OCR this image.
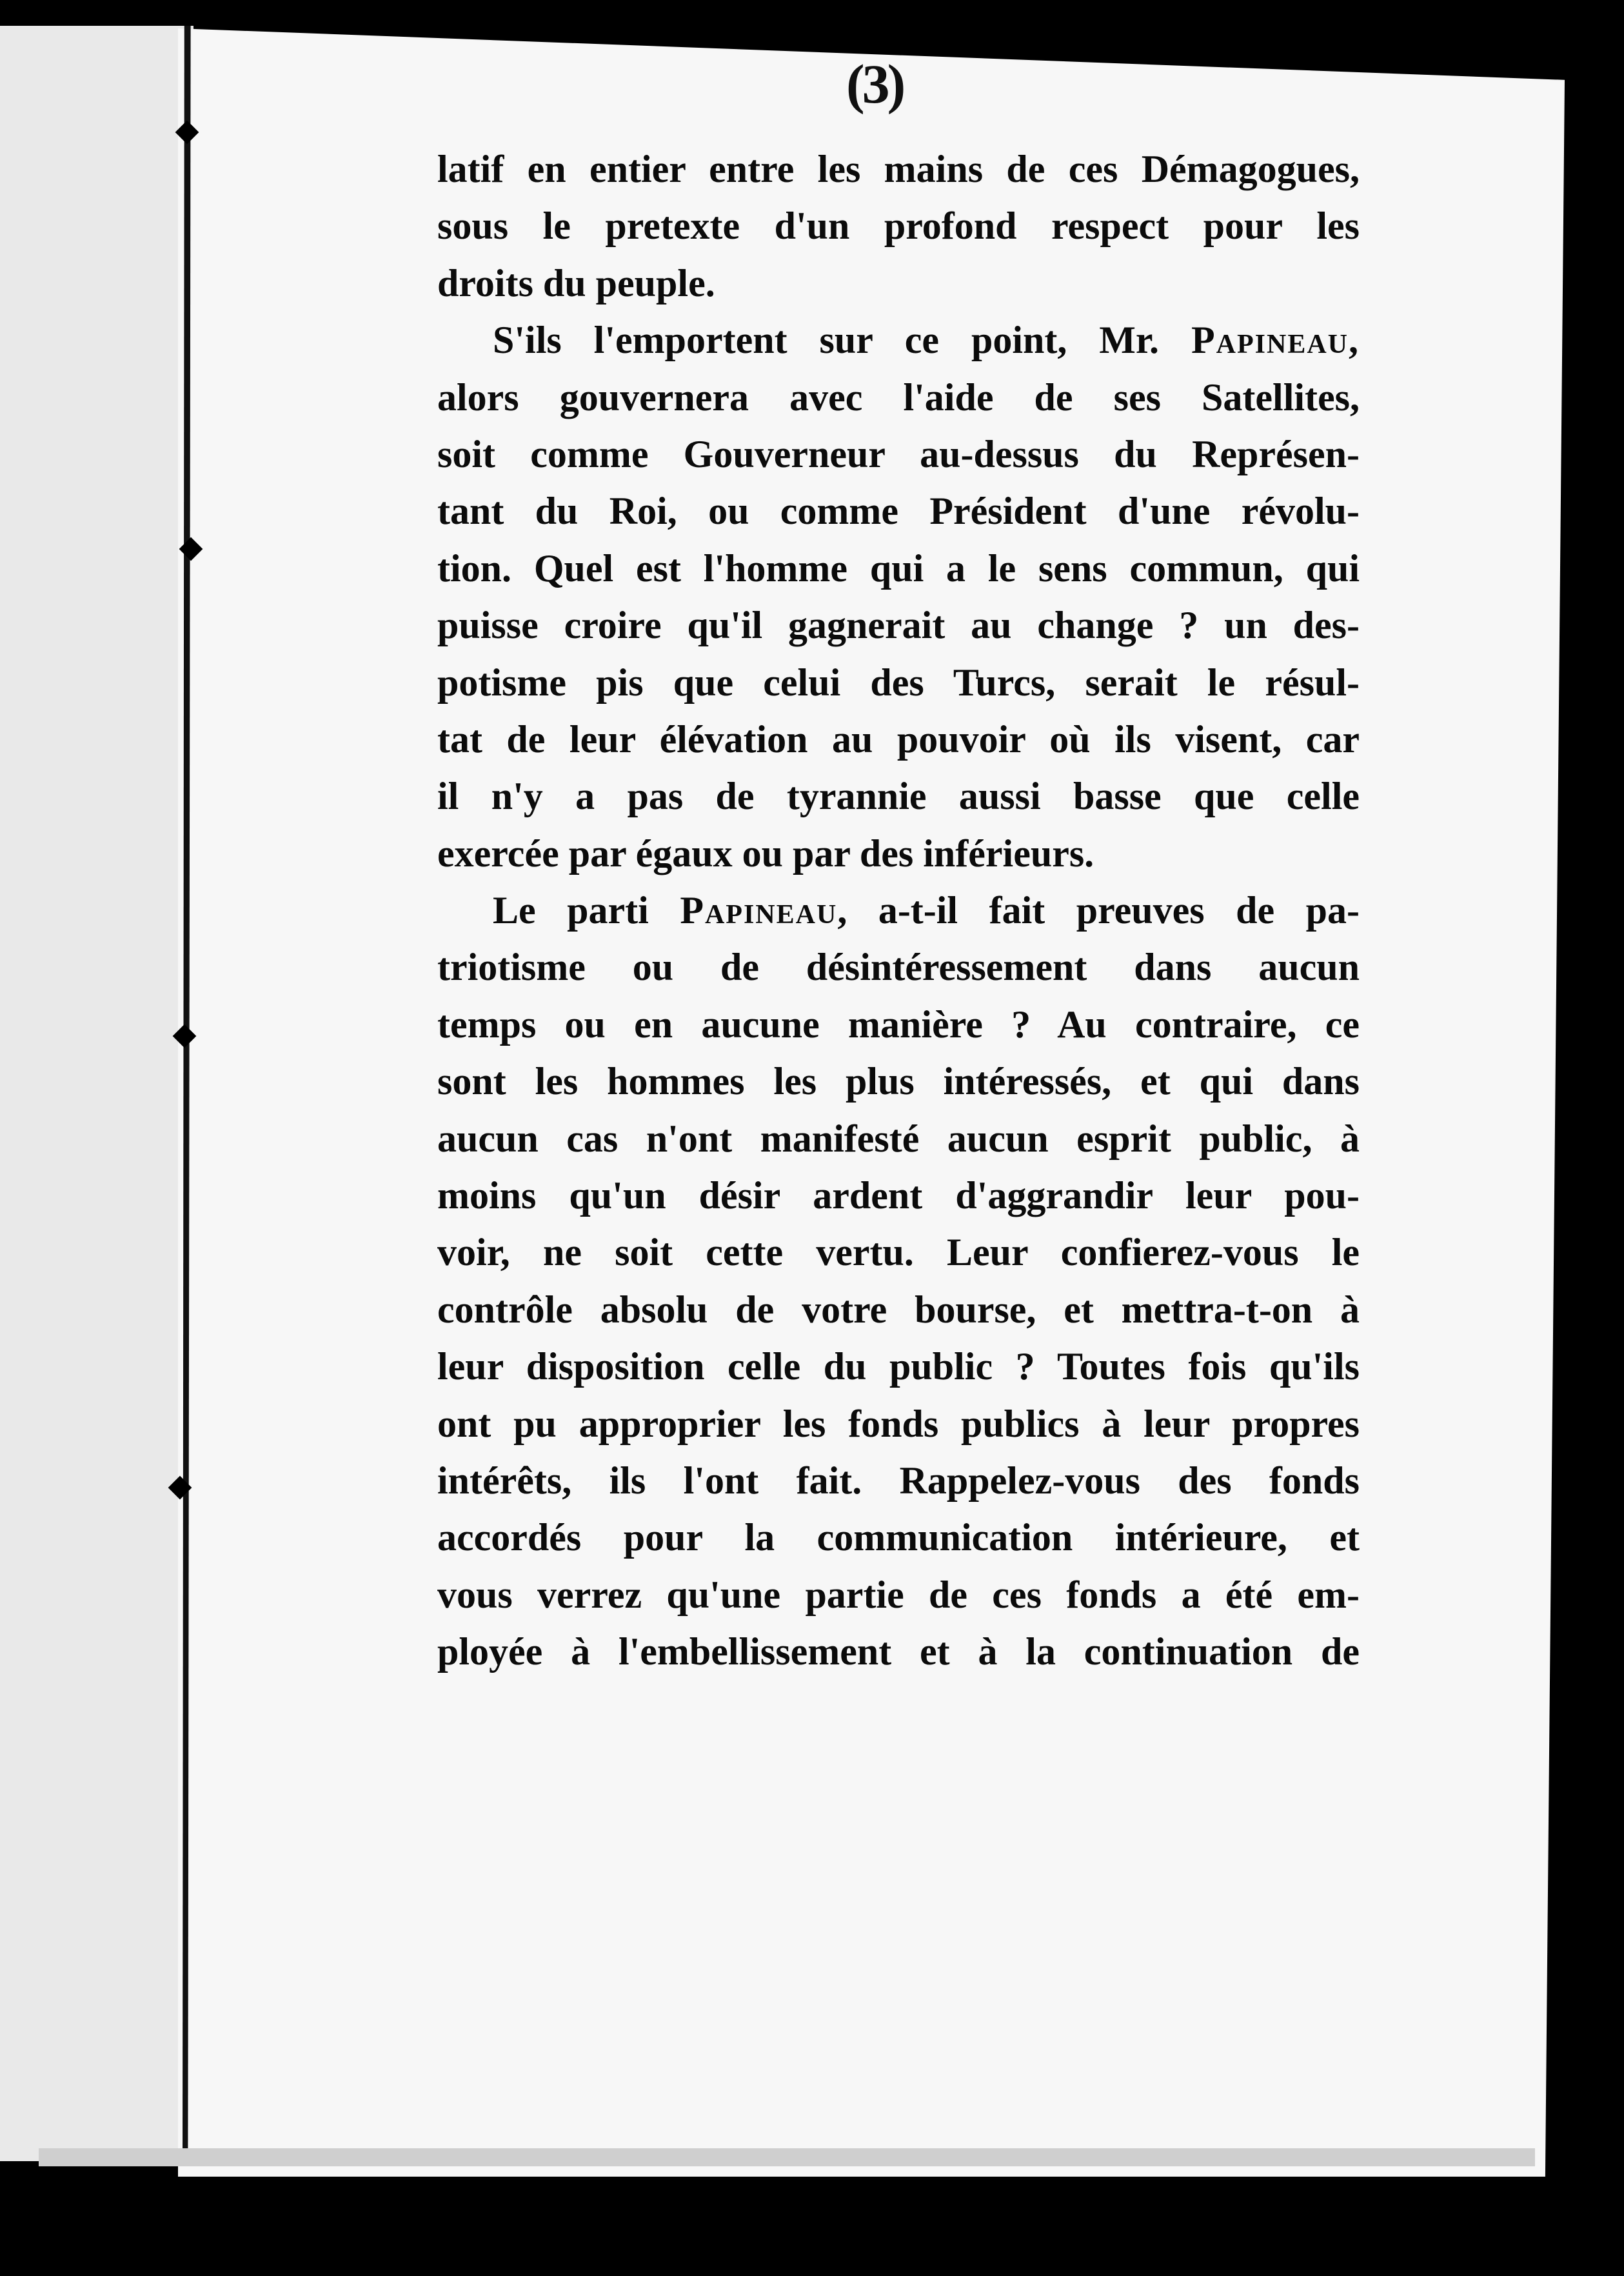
(3)
latif en entier entre les mains de ces Démagogues,
sous le pretexte d'un profond respect pour les
droits du peuple.
S'ils l'emportent sur ce point, Mr. Papineau,
alors gouvernera avec l'aide de ses Satellites,
soit comme Gouverneur au-dessus du Représen-
tant du Roi, ou comme Président d'une révolu-
tion. Quel est l'homme qui a le sens commun, qui
puisse croire qu'il gagnerait au change ? un des-
potisme pis que celui des Turcs, serait le résul-
tat de leur élévation au pouvoir où ils visent, car
il n'y a pas de tyrannie aussi basse que celle
exercée par égaux ou par des inférieurs.
Le parti Papineau, a-t-il fait preuves de pa-
triotisme ou de désintéressement dans aucun
temps ou en aucune manière ? Au contraire, ce
sont les hommes les plus intéressés, et qui dans
aucun cas n'ont manifesté aucun esprit public, à
moins qu'un désir ardent d'aggrandir leur pou-
voir, ne soit cette vertu. Leur confierez-vous le
contrôle absolu de votre bourse, et mettra-t-on à
leur disposition celle du public ? Toutes fois qu'ils
ont pu approprier les fonds publics à leur propres
intérêts, ils l'ont fait. Rappelez-vous des fonds
accordés pour la communication intérieure, et
vous verrez qu'une partie de ces fonds a été em-
ployée à l'embellissement et à la continuation de
